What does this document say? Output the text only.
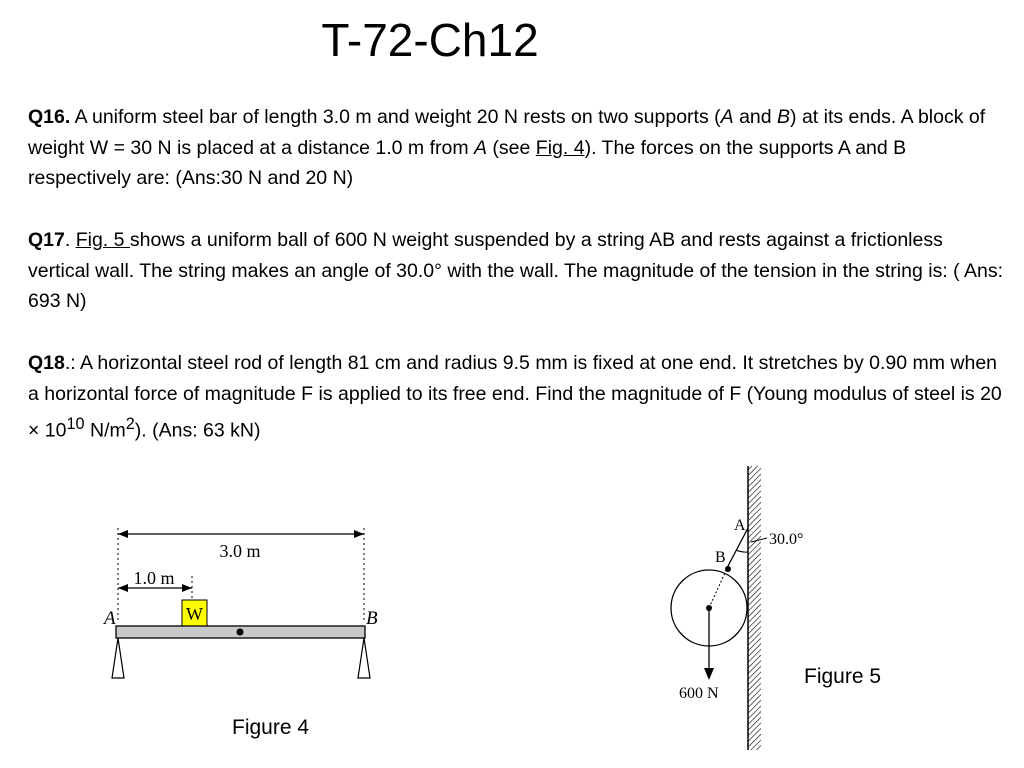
T-72-Ch12
Q16. A uniform steel bar of length 3.0 m and weight 20 N rests on two supports (A and B) at its ends. A block of weight W = 30 N is placed at a distance 1.0 m from A (see Fig. 4). The forces on the supports A and B respectively are: (Ans:30 N and 20 N)
Q17. Fig. 5 shows a uniform ball of 600 N weight suspended by a string AB and rests against a frictionless vertical wall. The string makes an angle of 30.0° with the wall. The magnitude of the tension in the string is: ( Ans: 693 N)
Q18.: A horizontal steel rod of length 81 cm and radius 9.5 mm is fixed at one end. It stretches by 0.90 mm when a horizontal force of magnitude F is applied to its free end. Find the magnitude of F (Young modulus of steel is $20 \times 10^{10}$ $N/m^2$). (Ans: 63 kN)
3.0 m
1.0 m
A	B
W
Figure 4
A
B
30.0°
600 N
Figure 5
